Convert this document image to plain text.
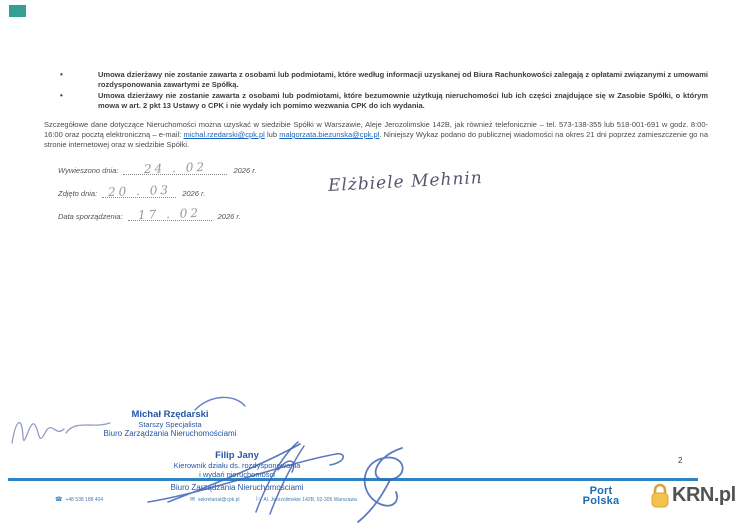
•	Umowa dzierżawy nie zostanie zawarta z osobami lub podmiotami, które według informacji uzyskanej od Biura Rachunkowości zalegają z opłatami związanymi z umowami rozdysponowania zawartymi ze Spółką.
•	Umowa dzierżawy nie zostanie zawarta z osobami lub podmiotami, które bezumownie użytkują nieruchomości lub ich części znajdujące się w Zasobie Spółki, o którym mowa w art. 2 pkt 13 Ustawy o CPK i nie wydały ich pomimo wezwania CPK do ich wydania.
Szczegółowe dane dotyczące Nieruchomości można uzyskać w siedzibie Spółki w Warszawie, Aleje Jerozolimskie 142B, jak również telefonicznie – tel. 573-138-355 lub 518-001-691 w godz. 8:00-16:00 oraz pocztą elektroniczną – e-mail: michal.rzedarski@cpk.pl lub malgorzata.biezunska@cpk.pl. Niniejszy Wykaz podano do publicznej wiadomości na okres 21 dni poprzez zamieszczenie go na stronie internetowej oraz w siedzibie Spółki.
Wywieszono dnia:	24 . 02	2026 r.
Zdjęto dnia: 20 . 03	2026 r.
Data sporządzenia:	17 . 02	2026 r.
Elżbiele Mehnin
Michał Rzędarski
Starszy Specjalista
Biuro Zarządzania Nieruchomościami
Filip Jany
Kierownik działu ds. rozdysponowania
i wydań nieruchomości
Biuro Zarządzania Nieruchomościami
☎ +48 538 188 404	✉ sekretariat@cpk.pl	⚐ Al. Jerozolimskie 142B, 02-305 Warszawa
Port
Polska	KRN.pl
2
